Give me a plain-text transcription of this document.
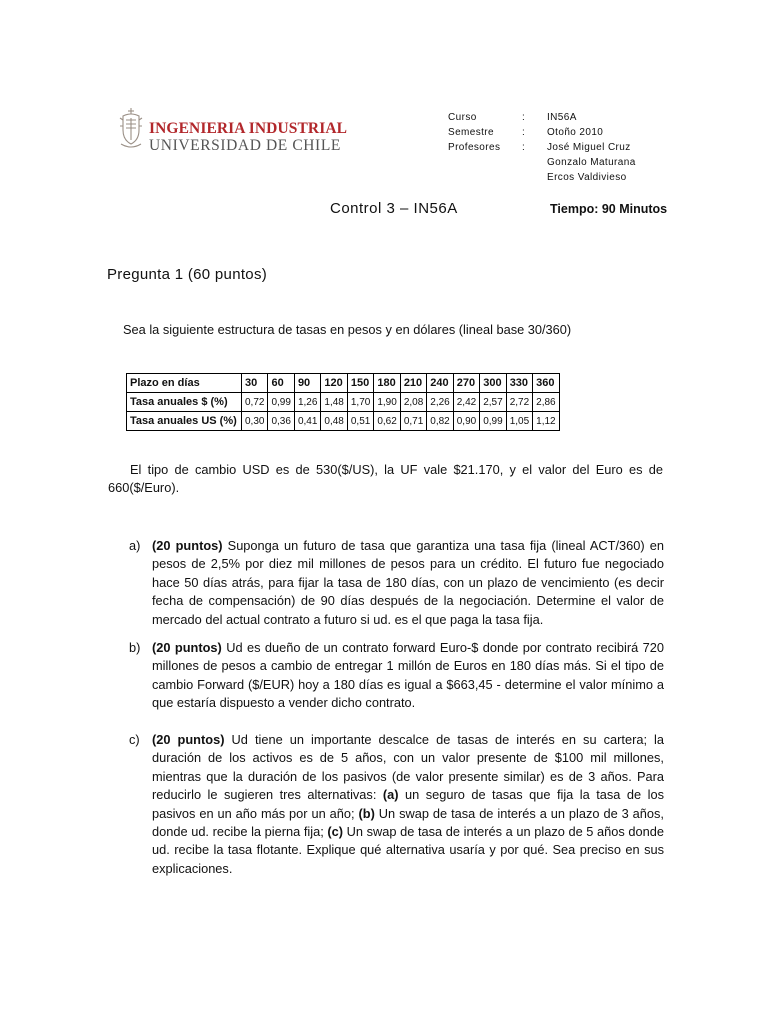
INGENIERIA INDUSTRIAL
UNIVERSIDAD DE CHILE
Curso	: IN56A
Semestre	: Otoño 2010
Profesores : José Miguel Cruz
Gonzalo Maturana
Ercos Valdivieso
Control 3 – IN56A	Tiempo: 90 Minutos
Pregunta 1 (60 puntos)
Sea la siguiente estructura de tasas en pesos y en dólares (lineal base 30/360)
Plazo en días	30	60	90	120	150	180	210	240	270	300	330	360
Tasa anuales $ (%)	0,72	0,99	1,26	1,48	1,70	1,90	2,08	2,26	2,42	2,57	2,72	2,86
Tasa anuales US (%)	0,30	0,36	0,41	0,48	0,51	0,62	0,71	0,82	0,90	0,99	1,05	1,12
El tipo de cambio USD es de 530($/US), la UF vale $21.170, y el valor del Euro es de
660($/Euro).
a) (20 puntos) Suponga un futuro de tasa que garantiza una tasa fija (lineal ACT/360) en
pesos de 2,5% por diez mil millones de pesos para un crédito. El futuro fue negociado
hace 50 días atrás, para fijar la tasa de 180 días, con un plazo de vencimiento (es decir
fecha de compensación) de 90 días después de la negociación. Determine el valor de
mercado del actual contrato a futuro si ud. es el que paga la tasa fija.
b) (20 puntos) Ud es dueño de un contrato forward Euro-$ donde por contrato recibirá 720
millones de pesos a cambio de entregar 1 millón de Euros en 180 días más. Si el tipo de
cambio Forward ($/EUR) hoy a 180 días es igual a $663,45 - determine el valor mínimo a
que estaría dispuesto a vender dicho contrato.
c) (20 puntos) Ud tiene un importante descalce de tasas de interés en su cartera; la
duración de los activos es de 5 años, con un valor presente de $100 mil millones,
mientras que la duración de los pasivos (de valor presente similar) es de 3 años. Para
reducirlo le sugieren tres alternativas: (a) un seguro de tasas que fija la tasa de los
pasivos en un año más por un año; (b) Un swap de tasa de interés a un plazo de 3 años,
donde ud. recibe la pierna fija; (c) Un swap de tasa de interés a un plazo de 5 años donde
ud. recibe la tasa flotante. Explique qué alternativa usaría y por qué. Sea preciso en sus
explicaciones.
